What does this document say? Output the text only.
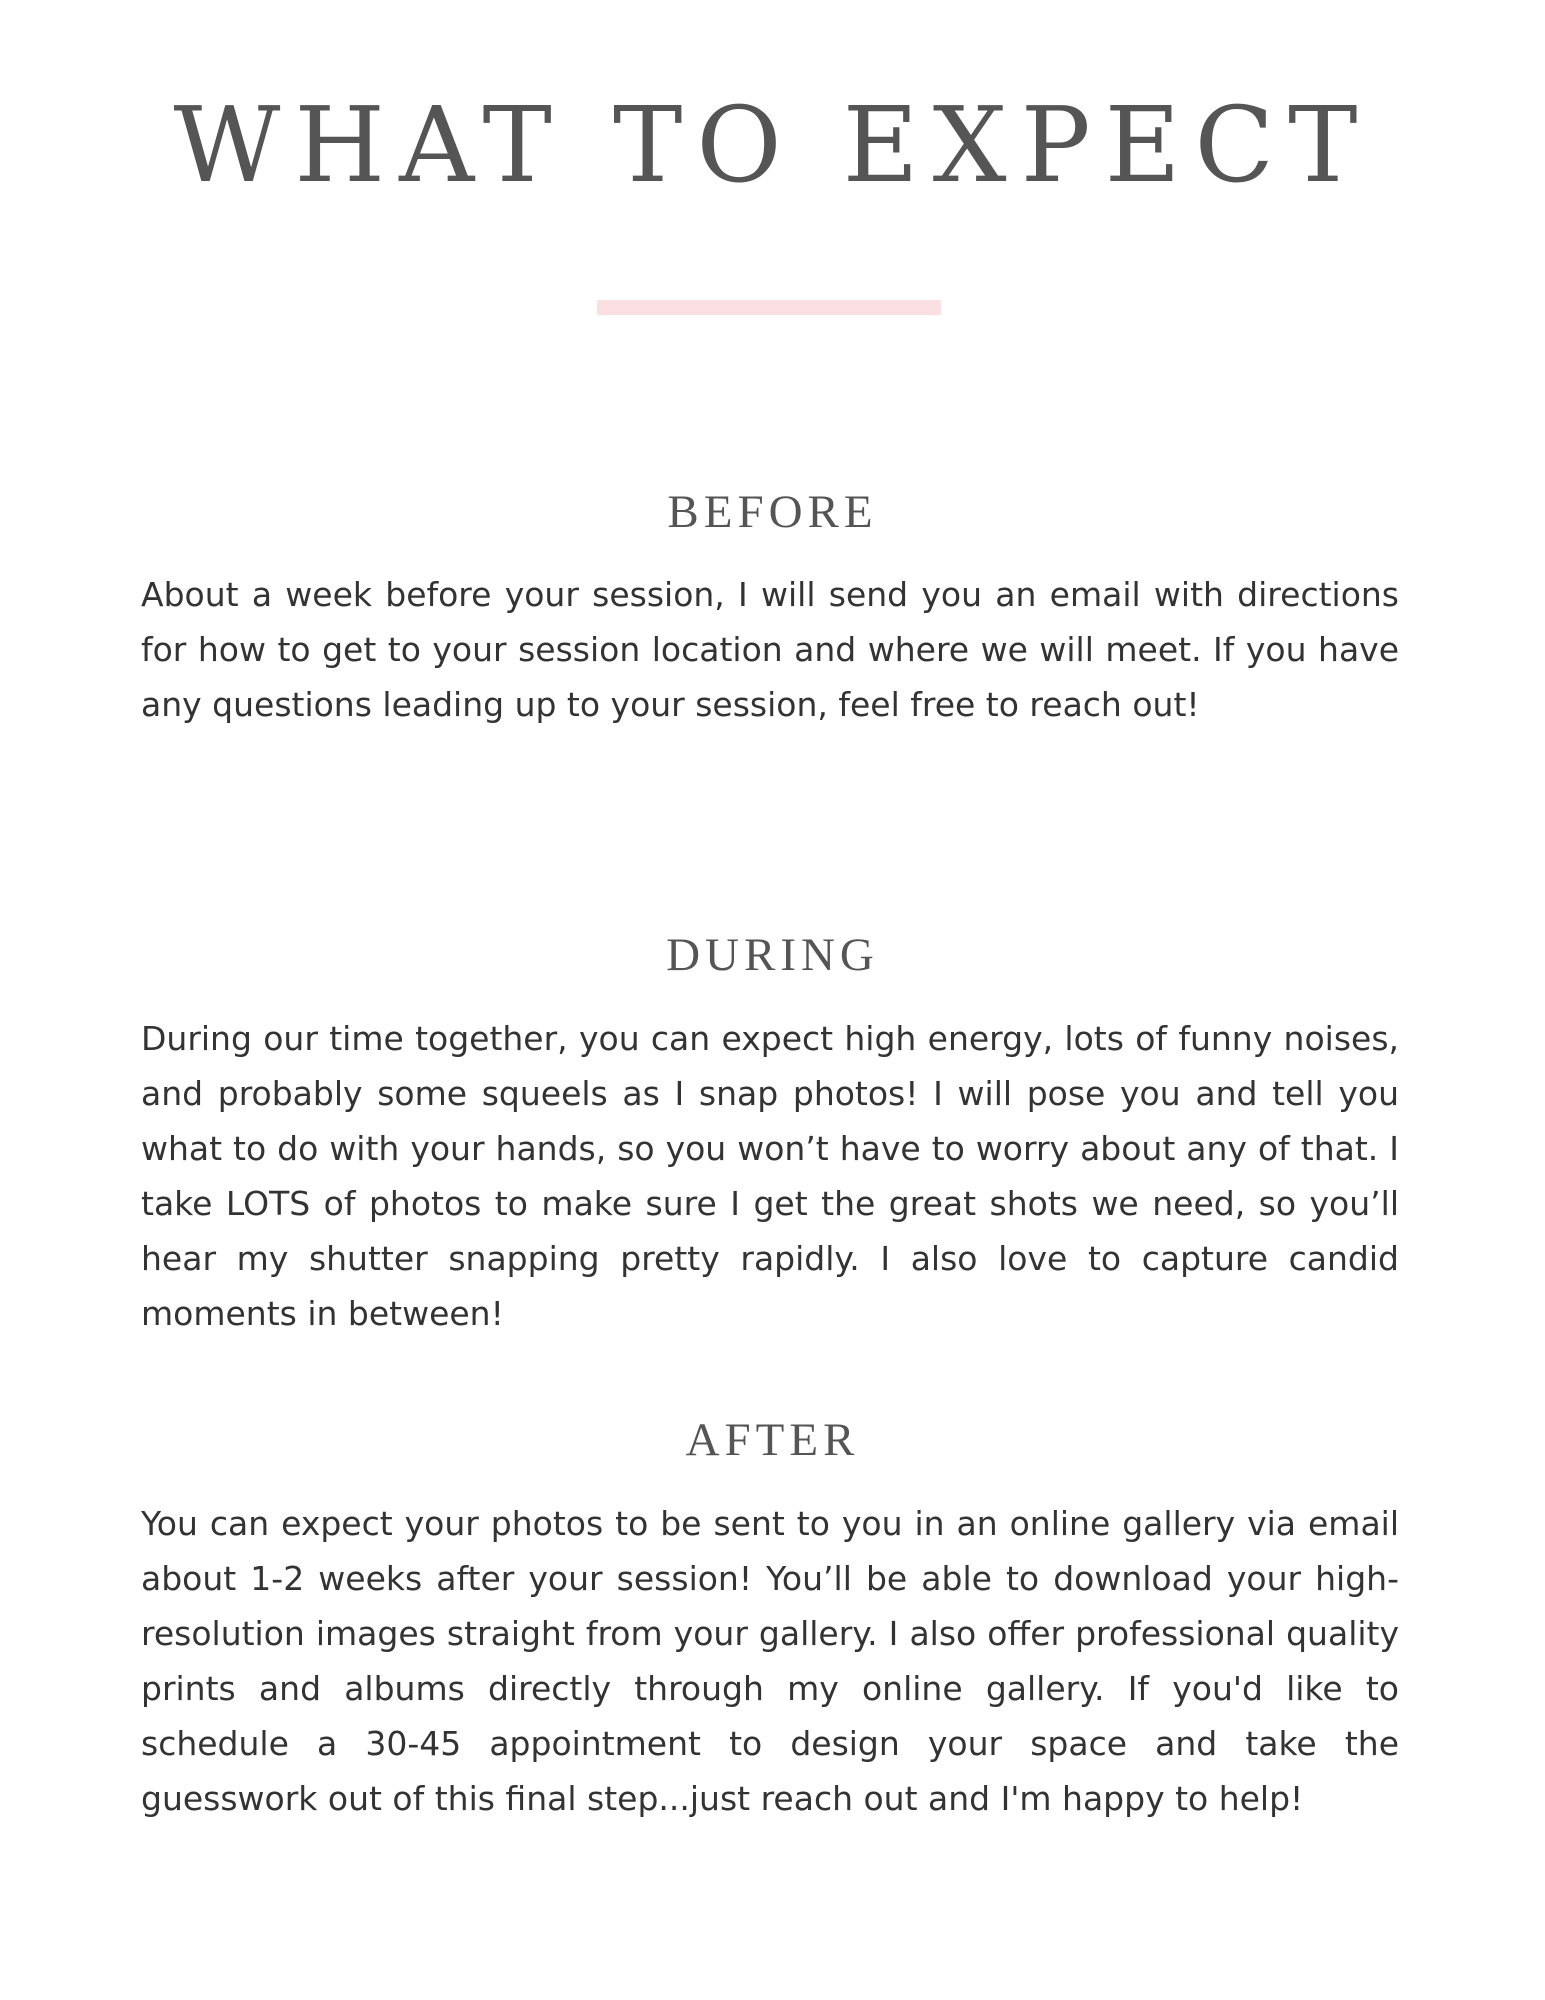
WHAT TO EXPECT
BEFORE

About a week before your session, I will send you an email with directions for how to get to your session location and where we will meet. If you have any questions leading up to your session, feel free to reach out!

DURING

During our time together, you can expect high energy, lots of funny noises, and probably some squeels as I snap photos! I will pose you and tell you what to do with your hands, so you won’t have to worry about any of that. I take LOTS of photos to make sure I get the great shots we need, so you’ll hear my shutter snapping pretty rapidly. I also love to capture candid moments in between!

AFTER

You can expect your photos to be sent to you in an online gallery via email about 1-2 weeks after your session! You’ll be able to download your high-resolution images straight from your gallery. I also offer professional quality prints and albums directly through my online gallery. If you'd like to schedule a 30-45 appointment to design your space and take the guesswork out of this final step...just reach out and I'm happy to help!
